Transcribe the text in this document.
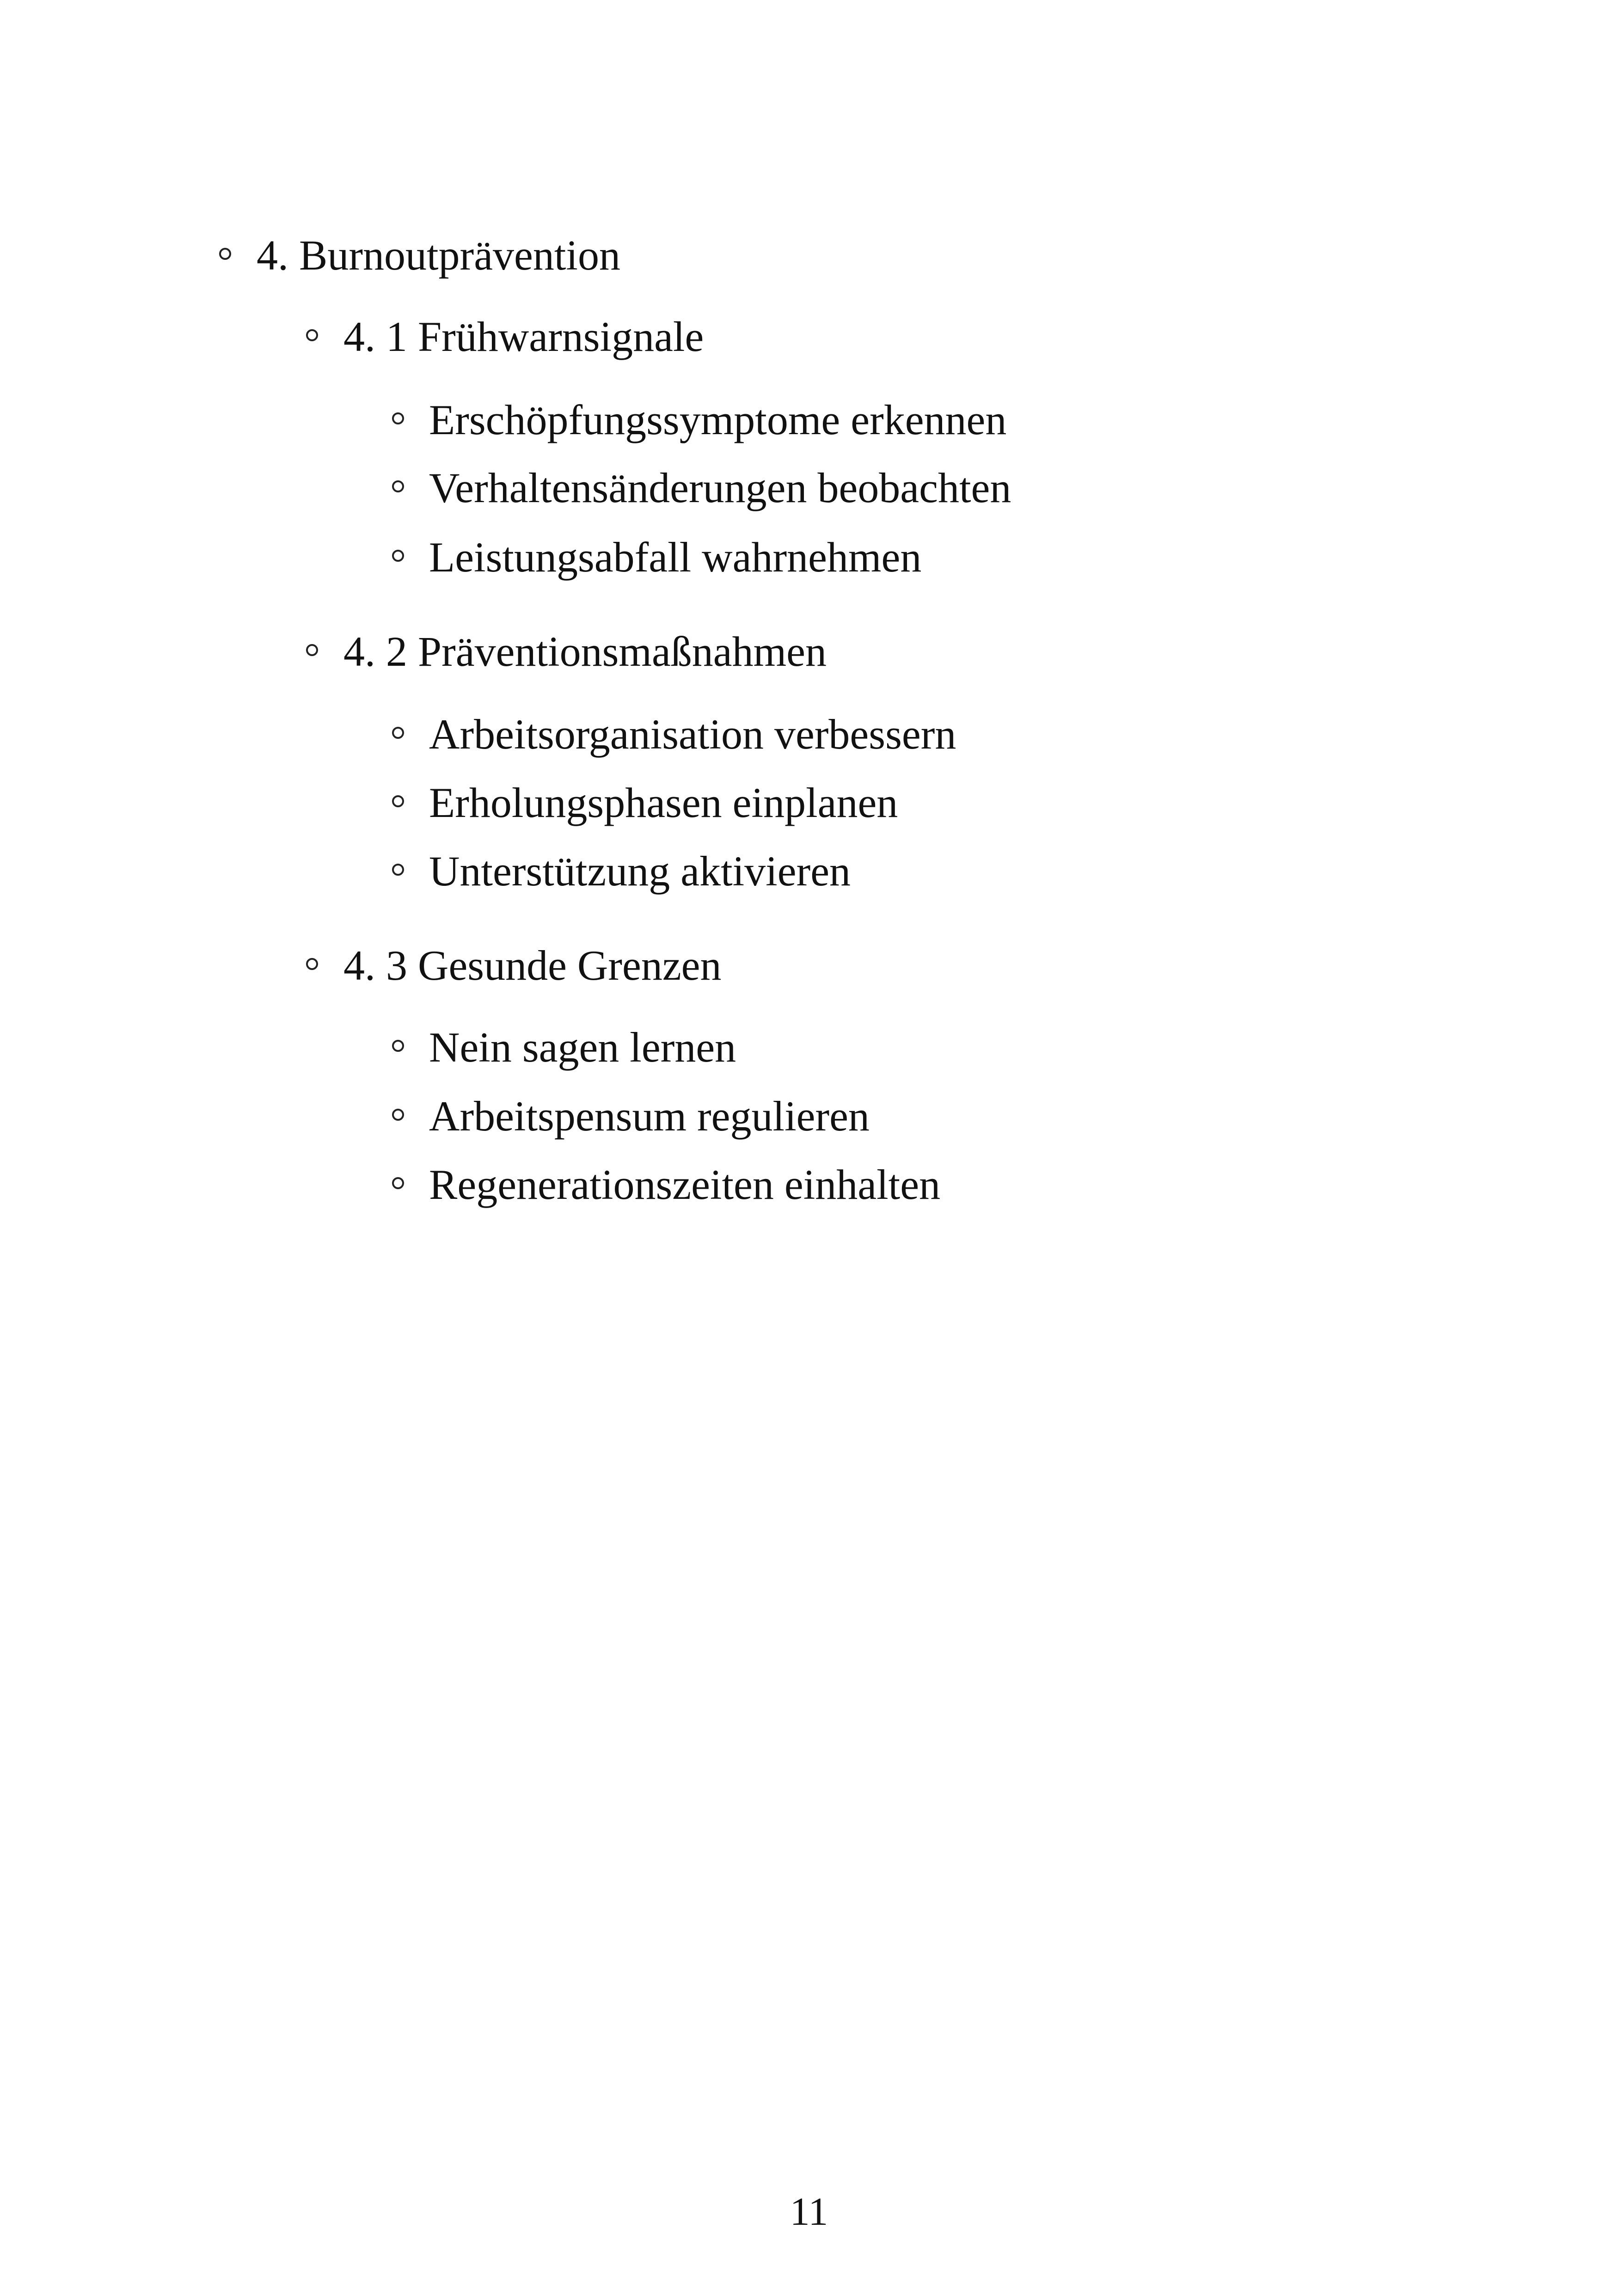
4. Burnoutprävention
4. 1 Frühwarnsignale
Erschöpfungssymptome erkennen
Verhaltensänderungen beobachten
Leistungsabfall wahrnehmen
4. 2 Präventionsmaßnahmen
Arbeitsorganisation verbessern
Erholungsphasen einplanen
Unterstützung aktivieren
4. 3 Gesunde Grenzen
Nein sagen lernen
Arbeitspensum regulieren
Regenerationszeiten einhalten
11
